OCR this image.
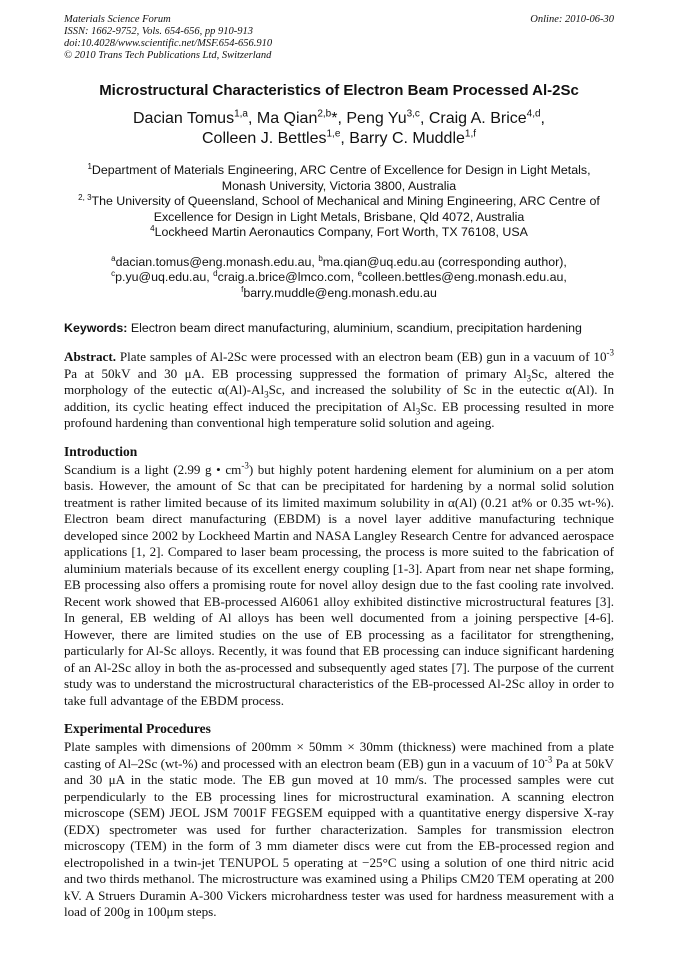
Materials Science Forum
ISSN: 1662-9752, Vols. 654-656, pp 910-913
doi:10.4028/www.scientific.net/MSF.654-656.910
© 2010 Trans Tech Publications Ltd, Switzerland
Online: 2010-06-30
Microstructural Characteristics of Electron Beam Processed Al-2Sc
Dacian Tomus$^{1,a}$, Ma Qian$^{2,b}$*, Peng Yu$^{3,c}$, Craig A. Brice$^{4,d}$,
Colleen J. Bettles$^{1,e}$, Barry C. Muddle$^{1,f}$
$^1$Department of Materials Engineering, ARC Centre of Excellence for Design in Light Metals,
Monash University, Victoria 3800, Australia
$^{2, 3}$The University of Queensland, School of Mechanical and Mining Engineering, ARC Centre of
Excellence for Design in Light Metals, Brisbane, Qld 4072, Australia
$^4$Lockheed Martin Aeronautics Company, Fort Worth, TX 76108, USA
$^a$dacian.tomus@eng.monash.edu.au, $^b$ma.qian@uq.edu.au (corresponding author),
$^c$p.yu@uq.edu.au, $^d$craig.a.brice@lmco.com, $^e$colleen.bettles@eng.monash.edu.au,
$^f$barry.muddle@eng.monash.edu.au
Keywords: Electron beam direct manufacturing, aluminium, scandium, precipitation hardening

Abstract. Plate samples of Al-2Sc were processed with an electron beam (EB) gun in a vacuum of $10^{-3}$ Pa at 50kV and 30 μA. EB processing suppressed the formation of primary $Al_3Sc$, altered the morphology of the eutectic $\alpha(Al)-Al_3Sc$, and increased the solubility of Sc in the eutectic α(Al). In addition, its cyclic heating effect induced the precipitation of $Al_3Sc$. EB processing resulted in more profound hardening than conventional high temperature solid solution and ageing.

Introduction

Scandium is a light (2.99 g • $cm^{-3}$) but highly potent hardening element for aluminium on a per atom basis. However, the amount of Sc that can be precipitated for hardening by a normal solid solution treatment is rather limited because of its limited maximum solubility in α(Al) (0.21 at% or 0.35 wt-%). Electron beam direct manufacturing (EBDM) is a novel layer additive manufacturing technique developed since 2002 by Lockheed Martin and NASA Langley Research Centre for advanced aerospace applications [1, 2]. Compared to laser beam processing, the process is more suited to the fabrication of aluminium materials because of its excellent energy coupling [1-3]. Apart from near net shape forming, EB processing also offers a promising route for novel alloy design due to the fast cooling rate involved. Recent work showed that EB-processed Al6061 alloy exhibited distinctive microstructural features [3]. In general, EB welding of Al alloys has been well documented from a joining perspective [4-6]. However, there are limited studies on the use of EB processing as a facilitator for strengthening, particularly for Al-Sc alloys. Recently, it was found that EB processing can induce significant hardening of an Al-2Sc alloy in both the as-processed and subsequently aged states [7]. The purpose of the current study was to understand the microstructural characteristics of the EB-processed Al-2Sc alloy in order to take full advantage of the EBDM process.

Experimental Procedures

Plate samples with dimensions of 200mm × 50mm × 30mm (thickness) were machined from a plate casting of Al–2Sc (wt-%) and processed with an electron beam (EB) gun in a vacuum of $10^{-3}$ Pa at 50kV and 30 μA in the static mode. The EB gun moved at 10 mm/s. The processed samples were cut perpendicularly to the EB processing lines for microstructural examination. A scanning electron microscope (SEM) JEOL JSM 7001F FEGSEM equipped with a quantitative energy dispersive X-ray (EDX) spectrometer was used for further characterization. Samples for transmission electron microscopy (TEM) in the form of 3 mm diameter discs were cut from the EB-processed region and electropolished in a twin-jet TENUPOL 5 operating at −25°C using a solution of one third nitric acid and two thirds methanol. The microstructure was examined using a Philips CM20 TEM operating at 200 kV. A Struers Duramin A-300 Vickers microhardness tester was used for hardness measurement with a load of 200g in 100μm steps.
